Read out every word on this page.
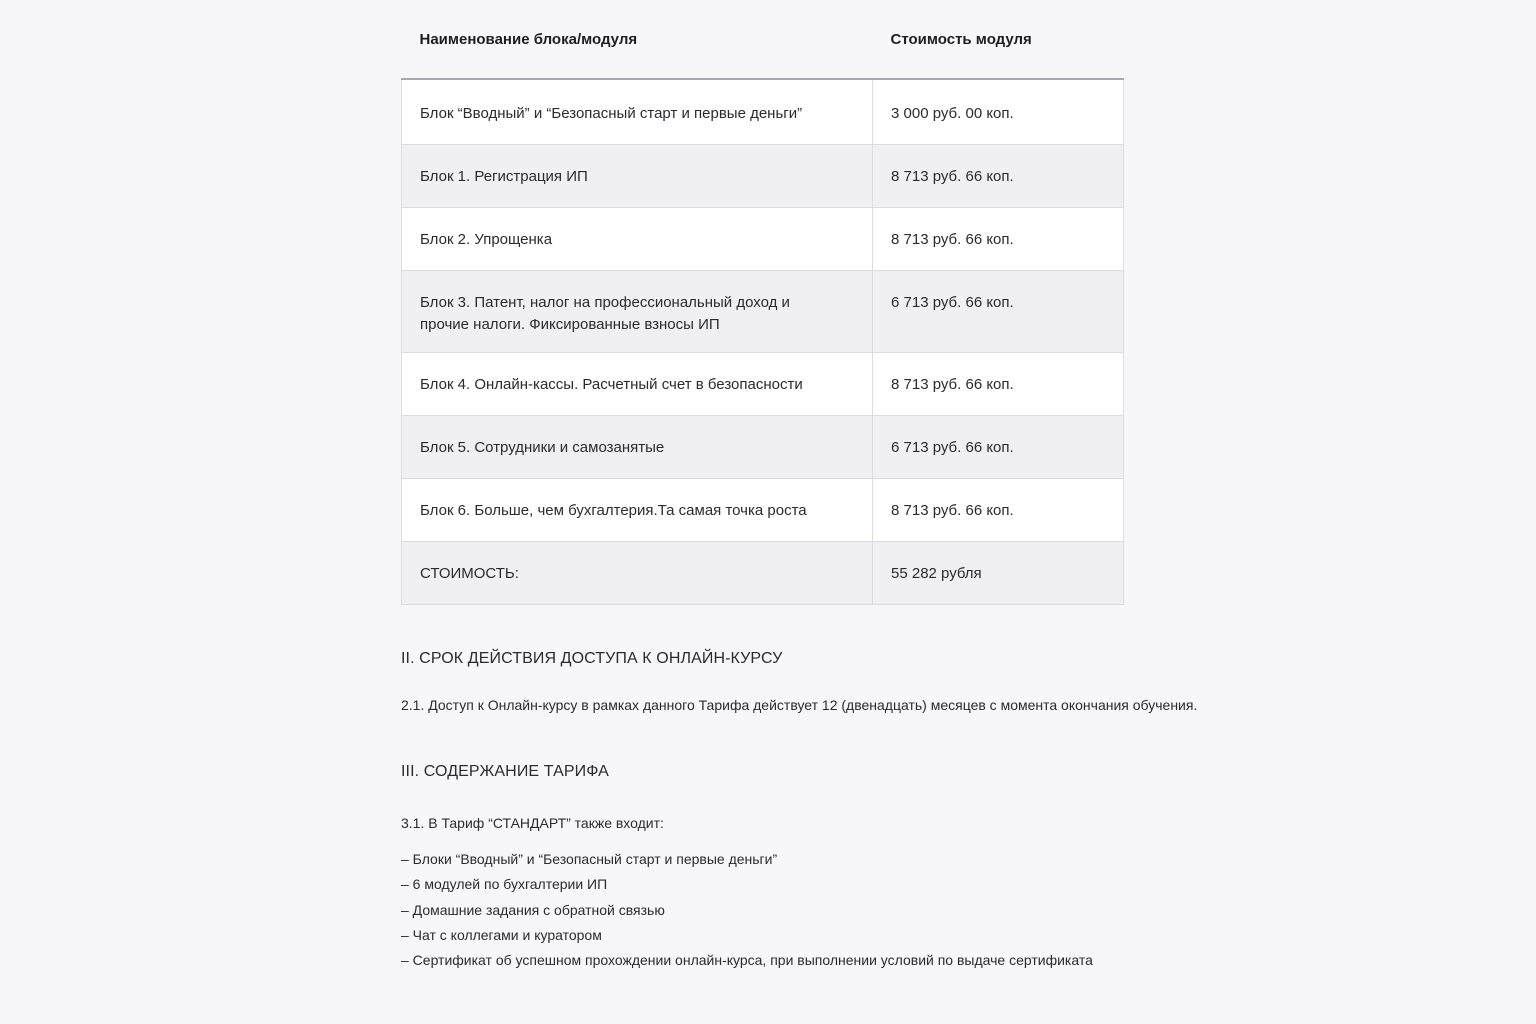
Наименование блока/модуля	Стоимость модуля
Блок “Вводный” и “Безопасный старт и первые деньги”	3 000 руб. 00 коп.
Блок 1. Регистрация ИП	8 713 руб. 66 коп.
Блок 2. Упрощенка	8 713 руб. 66 коп.
Блок 3. Патент, налог на профессиональный доход и
прочие налоги. Фиксированные взносы ИП	6 713 руб. 66 коп.
Блок 4. Онлайн-кассы. Расчетный счет в безопасности	8 713 руб. 66 коп.
Блок 5. Сотрудники и самозанятые	6 713 руб. 66 коп.
Блок 6. Больше, чем бухгалтерия.Та самая точка роста	8 713 руб. 66 коп.
СТОИМОСТЬ:	55 282 рубля
II. СРОК ДЕЙСТВИЯ ДОСТУПА К ОНЛАЙН-КУРСУ

2.1. Доступ к Онлайн-курсу в рамках данного Тарифа действует 12 (двенадцать) месяцев с момента окончания обучения.

III. СОДЕРЖАНИЕ ТАРИФА

3.1. В Тариф “СТАНДАРТ” также входит:

– Блоки “Вводный” и “Безопасный старт и первые деньги”
– 6 модулей по бухгалтерии ИП
– Домашние задания с обратной связью
– Чат с коллегами и куратором
– Сертификат об успешном прохождении онлайн-курса, при выполнении условий по выдаче сертификата
